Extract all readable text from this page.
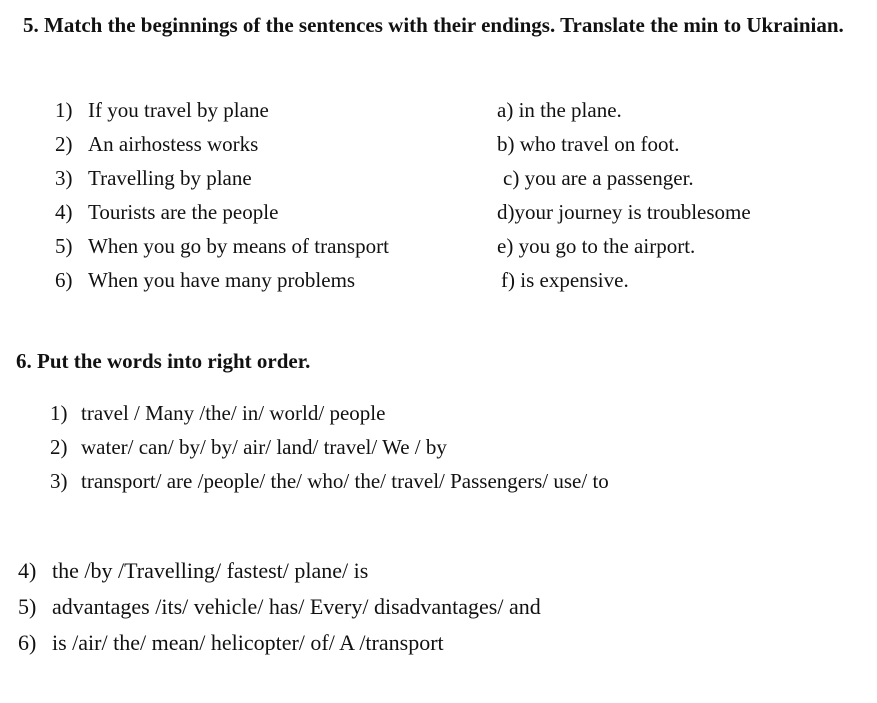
5. Match the beginnings of the sentences with their endings. Translate the min to Ukrainian.
1) If you travel by plane
2) An airhostess works
3) Travelling by plane
4) Tourists are the people
5) When you go by means of transport
6) When you have many problems
a) in the plane.
b) who travel on foot.
c) you are a passenger.
d)your journey is troublesome
e) you go to the airport.
f) is expensive.
6. Put the words into right order.
1) travel / Many /the/ in/ world/ people
2) water/ can/ by/ by/ air/ land/ travel/ We / by
3) transport/ are /people/ the/ who/ the/ travel/ Passengers/ use/ to
4) the /by /Travelling/ fastest/ plane/ is
5) advantages /its/ vehicle/ has/ Every/ disadvantages/ and
6) is /air/ the/ mean/ helicopter/ of/ A /transport
